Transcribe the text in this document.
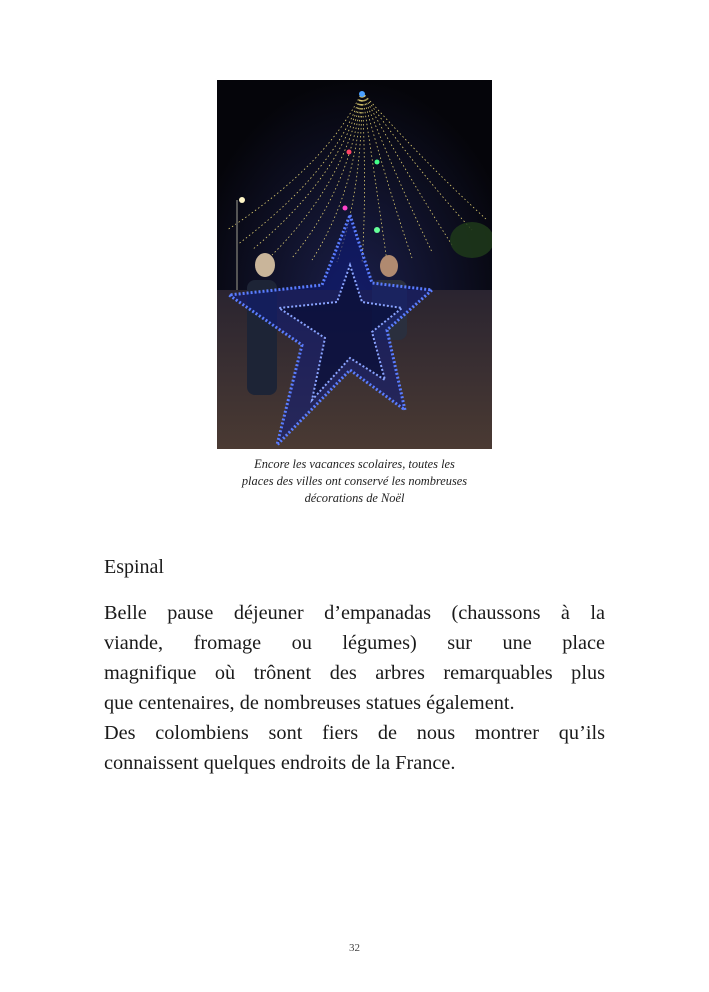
Encore les vacances scolaires, toutes les
places des villes ont conservé les nombreuses
décorations de Noël
Espinal
Belle pause déjeuner d’empanadas (chaussons à la
viande, fromage ou légumes) sur une place
magnifique où trônent des arbres remarquables plus
que centenaires, de nombreuses statues également.
Des colombiens sont fiers de nous montrer qu’ils
connaissent quelques endroits de la France.
32
